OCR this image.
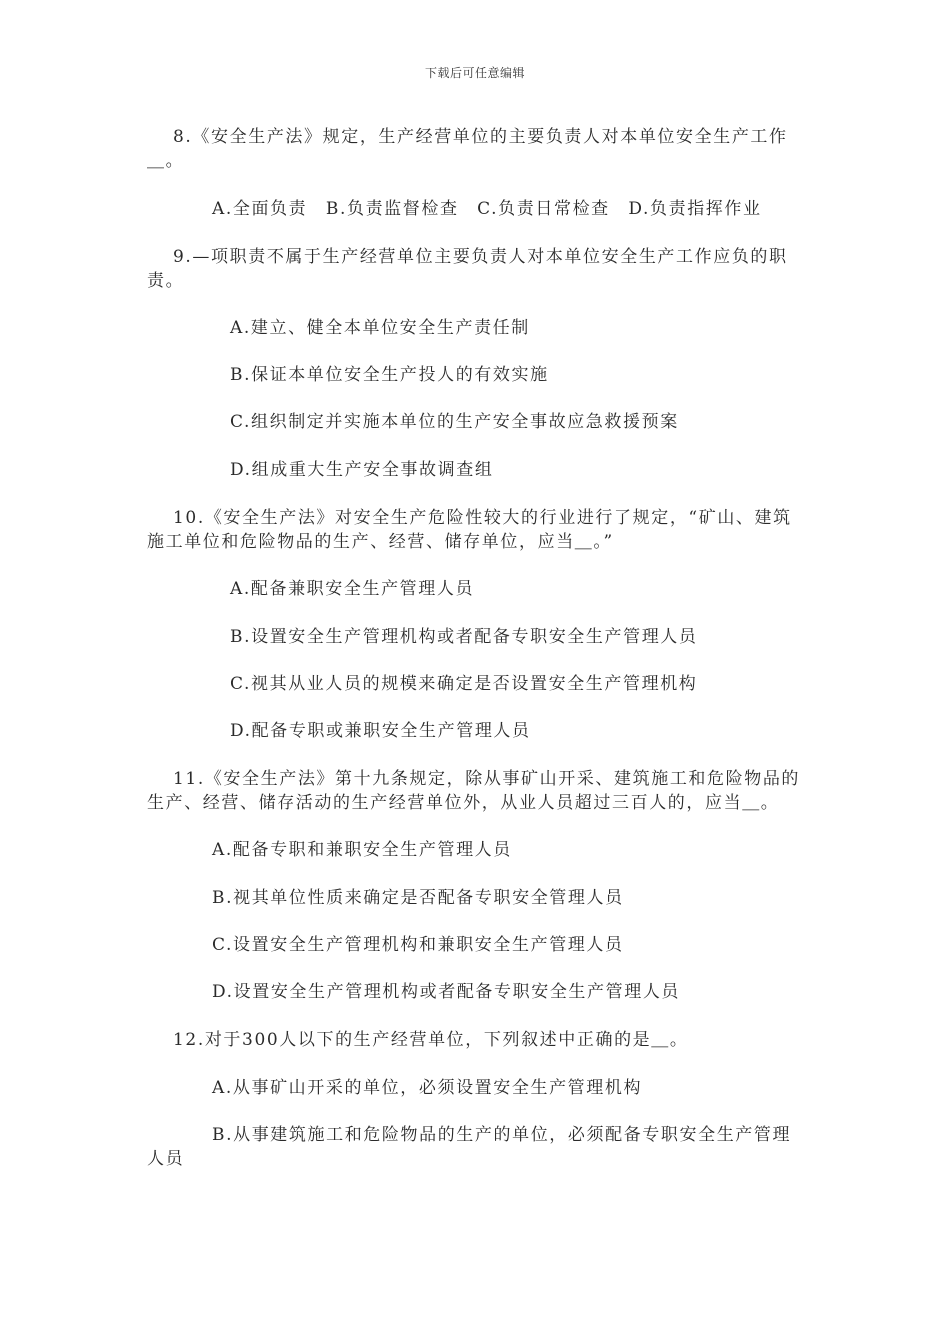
下载后可任意编辑
8.《安全生产法》规定，生产经营单位的主要负责人对本单位安全生产工作＿。
A.全面负责　B.负责监督检查　C.负责日常检查　D.负责指挥作业
9.—项职责不属于生产经营单位主要负责人对本单位安全生产工作应负的职责。
A.建立、健全本单位安全生产责任制
B.保证本单位安全生产投人的有效实施
C.组织制定并实施本单位的生产安全事故应急救援预案
D.组成重大生产安全事故调查组
10.《安全生产法》对安全生产危险性较大的行业进行了规定，“矿山、建筑施工单位和危险物品的生产、经营、储存单位，应当＿。”
A.配备兼职安全生产管理人员
B.设置安全生产管理机构或者配备专职安全生产管理人员
C.视其从业人员的规模来确定是否设置安全生产管理机构
D.配备专职或兼职安全生产管理人员
11.《安全生产法》第十九条规定，除从事矿山开采、建筑施工和危险物品的生产、经营、储存活动的生产经营单位外，从业人员超过三百人的，应当＿。
A.配备专职和兼职安全生产管理人员
B.视其单位性质来确定是否配备专职安全管理人员
C.设置安全生产管理机构和兼职安全生产管理人员
D.设置安全生产管理机构或者配备专职安全生产管理人员
12.对于300人以下的生产经营单位，下列叙述中正确的是＿。
A.从事矿山开采的单位，必须设置安全生产管理机构
B.从事建筑施工和危险物品的生产的单位，必须配备专职安全生产管理人员
